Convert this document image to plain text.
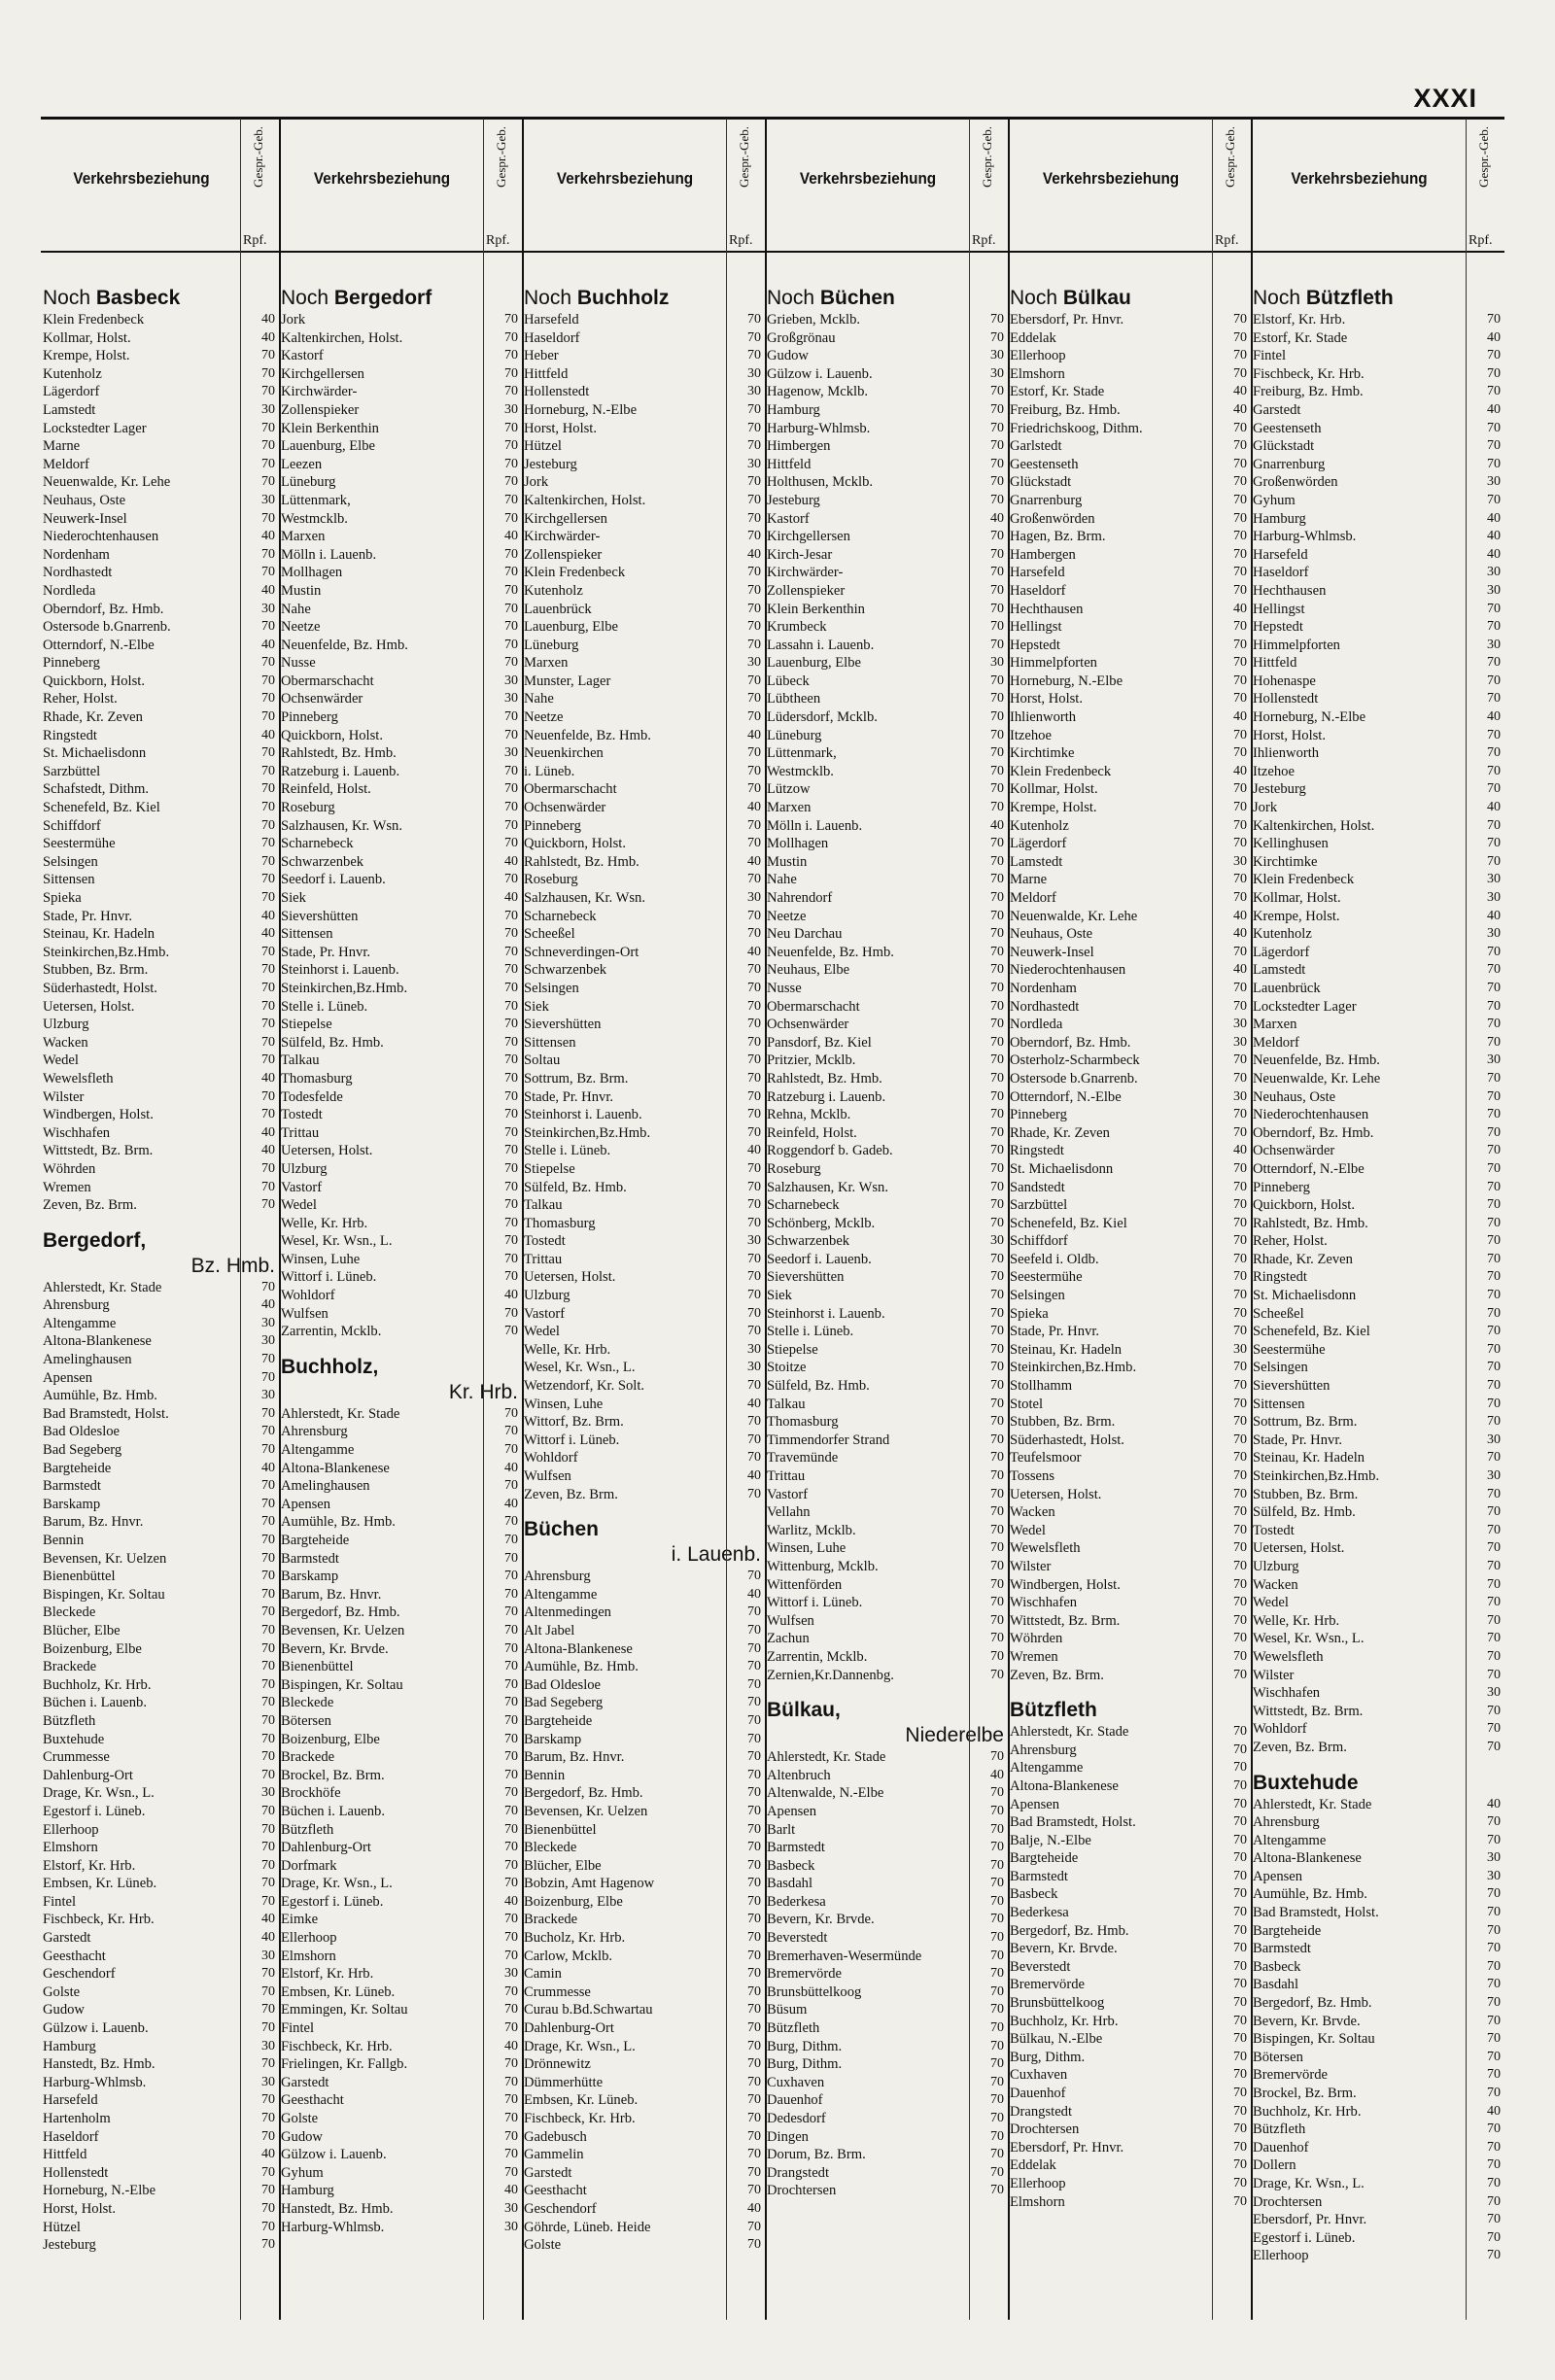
XXXI
Verkehrsbeziehung	Gespr.-Geb.
Rpf.
Noch Basbeck
Klein Fredenbeck	40
Kollmar, Holst.	40
Krempe, Holst.	70
Kutenholz	70
Lägerdorf	70
Lamstedt	30
Lockstedter Lager	70
Marne	70
Meldorf	70
Neuenwalde, Kr. Lehe	70
Neuhaus, Oste	30
Neuwerk-Insel	70
Niederochtenhausen	40
Nordenham	70
Nordhastedt	70
Nordleda	40
Oberndorf, Bz. Hmb.	30
Ostersode b.Gnarrenb.	70
Otterndorf, N.-Elbe	40
Pinneberg	70
Quickborn, Holst.	70
Reher, Holst.	70
Rhade, Kr. Zeven	70
Ringstedt	40
St. Michaelisdonn	70
Sarzbüttel	70
Schafstedt, Dithm.	70
Schenefeld, Bz. Kiel	70
Schiffdorf	70
Seestermühe	70
Selsingen	70
Sittensen	70
Spieka	70
Stade, Pr. Hnvr.	40
Steinau, Kr. Hadeln	40
Steinkirchen,Bz.Hmb.	70
Stubben, Bz. Brm.	70
Süderhastedt, Holst.	70
Uetersen, Holst.	70
Ulzburg	70
Wacken	70
Wedel	70
Wewelsfleth	40
Wilster	70
Windbergen, Holst.	70
Wischhafen	40
Wittstedt, Bz. Brm.	40
Wöhrden	70
Wremen	70
Zeven, Bz. Brm.	70
Bergedorf,
Bz. Hmb.
Ahlerstedt, Kr. Stade	70
Ahrensburg	40
Altengamme	30
Altona-Blankenese	30
Amelinghausen	70
Apensen	70
Aumühle, Bz. Hmb.	30
Bad Bramstedt, Holst.	70
Bad Oldesloe	70
Bad Segeberg	70
Bargteheide	40
Barmstedt	70
Barskamp	70
Barum, Bz. Hnvr.	70
Bennin	70
Bevensen, Kr. Uelzen	70
Bienenbüttel	70
Bispingen, Kr. Soltau	70
Bleckede	70
Blücher, Elbe	70
Boizenburg, Elbe	70
Brackede	70
Buchholz, Kr. Hrb.	70
Büchen i. Lauenb.	70
Bützfleth	70
Buxtehude	70
Crummesse	70
Dahlenburg-Ort	70
Drage, Kr. Wsn., L.	30
Egestorf i. Lüneb.	70
Ellerhoop	70
Elmshorn	70
Elstorf, Kr. Hrb.	70
Embsen, Kr. Lüneb.	70
Fintel	70
Fischbeck, Kr. Hrb.	40
Garstedt	40
Geesthacht	30
Geschendorf	70
Golste	70
Gudow	70
Gülzow i. Lauenb.	70
Hamburg	30
Hanstedt, Bz. Hmb.	70
Harburg-Whlmsb.	30
Harsefeld	70
Hartenholm	70
Haseldorf	70
Hittfeld	40
Hollenstedt	70
Horneburg, N.-Elbe	70
Horst, Holst.	70
Hützel	70
Jesteburg	70
Verkehrsbeziehung	Gespr.-Geb.
Rpf.
Noch Bergedorf
Jork	70
Kaltenkirchen, Holst.	70
Kastorf	70
Kirchgellersen	70
Kirchwärder-	70
Zollenspieker	30
Klein Berkenthin	70
Lauenburg, Elbe	70
Leezen	70
Lüneburg	70
Lüttenmark,	70
Westmcklb.	70
Marxen	40
Mölln i. Lauenb.	70
Mollhagen	70
Mustin	70
Nahe	70
Neetze	70
Neuenfelde, Bz. Hmb.	70
Nusse	70
Obermarschacht	30
Ochsenwärder	30
Pinneberg	70
Quickborn, Holst.	70
Rahlstedt, Bz. Hmb.	30
Ratzeburg i. Lauenb.	70
Reinfeld, Holst.	70
Roseburg	70
Salzhausen, Kr. Wsn.	70
Scharnebeck	70
Schwarzenbek	40
Seedorf i. Lauenb.	70
Siek	40
Sievershütten	70
Sittensen	70
Stade, Pr. Hnvr.	70
Steinhorst i. Lauenb.	70
Steinkirchen,Bz.Hmb.	70
Stelle i. Lüneb.	70
Stiepelse	70
Sülfeld, Bz. Hmb.	70
Talkau	70
Thomasburg	70
Todesfelde	70
Tostedt	70
Trittau	70
Uetersen, Holst.	70
Ulzburg	70
Vastorf	70
Wedel	70
Welle, Kr. Hrb.	70
Wesel, Kr. Wsn., L.	70
Winsen, Luhe	70
Wittorf i. Lüneb.	70
Wohldorf	40
Wulfsen	70
Zarrentin, Mcklb.	70
Buchholz,
Kr. Hrb.
Ahlerstedt, Kr. Stade	70
Ahrensburg	70
Altengamme	70
Altona-Blankenese	40
Amelinghausen	70
Apensen	40
Aumühle, Bz. Hmb.	70
Bargteheide	70
Barmstedt	70
Barskamp	70
Barum, Bz. Hnvr.	70
Bergedorf, Bz. Hmb.	70
Bevensen, Kr. Uelzen	70
Bevern, Kr. Brvde.	70
Bienenbüttel	70
Bispingen, Kr. Soltau	70
Bleckede	70
Bötersen	70
Boizenburg, Elbe	70
Brackede	70
Brockel, Bz. Brm.	70
Brockhöfe	70
Büchen i. Lauenb.	70
Bützfleth	70
Dahlenburg-Ort	70
Dorfmark	70
Drage, Kr. Wsn., L.	70
Egestorf i. Lüneb.	40
Eimke	70
Ellerhoop	70
Elmshorn	70
Elstorf, Kr. Hrb.	30
Embsen, Kr. Lüneb.	70
Emmingen, Kr. Soltau	70
Fintel	70
Fischbeck, Kr. Hrb.	40
Frielingen, Kr. Fallgb.	70
Garstedt	70
Geesthacht	70
Golste	70
Gudow	70
Gülzow i. Lauenb.	70
Gyhum	70
Hamburg	40
Hanstedt, Bz. Hmb.	30
Harburg-Whlmsb.	30
Verkehrsbeziehung	Gespr.-Geb.
Rpf.
Noch Buchholz
Harsefeld	70
Haseldorf	70
Heber	70
Hittfeld	30
Hollenstedt	30
Horneburg, N.-Elbe	70
Horst, Holst.	70
Hützel	70
Jesteburg	30
Jork	70
Kaltenkirchen, Holst.	70
Kirchgellersen	70
Kirchwärder-	70
Zollenspieker	40
Klein Fredenbeck	70
Kutenholz	70
Lauenbrück	70
Lauenburg, Elbe	70
Lüneburg	70
Marxen	30
Munster, Lager	70
Nahe	70
Neetze	70
Neuenfelde, Bz. Hmb.	40
Neuenkirchen	70
i. Lüneb.	70
Obermarschacht	70
Ochsenwärder	40
Pinneberg	70
Quickborn, Holst.	70
Rahlstedt, Bz. Hmb.	40
Roseburg	70
Salzhausen, Kr. Wsn.	30
Scharnebeck	70
Scheeßel	70
Schneverdingen-Ort	40
Schwarzenbek	70
Selsingen	70
Siek	70
Sievershütten	70
Sittensen	70
Soltau	70
Sottrum, Bz. Brm.	70
Stade, Pr. Hnvr.	70
Steinhorst i. Lauenb.	70
Steinkirchen,Bz.Hmb.	70
Stelle i. Lüneb.	40
Stiepelse	70
Sülfeld, Bz. Hmb.	70
Talkau	70
Thomasburg	70
Tostedt	30
Trittau	70
Uetersen, Holst.	70
Ulzburg	70
Vastorf	70
Wedel	70
Welle, Kr. Hrb.	30
Wesel, Kr. Wsn., L.	30
Wetzendorf, Kr. Solt.	70
Winsen, Luhe	40
Wittorf, Bz. Brm.	70
Wittorf i. Lüneb.	70
Wohldorf	70
Wulfsen	40
Zeven, Bz. Brm.	70
Büchen
i. Lauenb.
Ahrensburg	70
Altengamme	40
Altenmedingen	70
Alt Jabel	70
Altona-Blankenese	70
Aumühle, Bz. Hmb.	70
Bad Oldesloe	70
Bad Segeberg	70
Bargteheide	70
Barskamp	70
Barum, Bz. Hnvr.	70
Bennin	70
Bergedorf, Bz. Hmb.	70
Bevensen, Kr. Uelzen	70
Bienenbüttel	70
Bleckede	70
Blücher, Elbe	70
Bobzin, Amt Hagenow	70
Boizenburg, Elbe	70
Brackede	70
Bucholz, Kr. Hrb.	70
Carlow, Mcklb.	70
Camin	70
Crummesse	70
Curau b.Bd.Schwartau	70
Dahlenburg-Ort	70
Drage, Kr. Wsn., L.	70
Drönnewitz	70
Dümmerhütte	70
Embsen, Kr. Lüneb.	70
Fischbeck, Kr. Hrb.	70
Gadebusch	70
Gammelin	70
Garstedt	70
Geesthacht	70
Geschendorf	40
Göhrde, Lüneb. Heide	70
Golste	70
Verkehrsbeziehung	Gespr.-Geb.
Rpf.
Noch Büchen
Grieben, Mcklb.	70
Großgrönau	70
Gudow	30
Gülzow i. Lauenb.	30
Hagenow, Mcklb.	70
Hamburg	70
Harburg-Whlmsb.	70
Himbergen	70
Hittfeld	70
Holthusen, Mcklb.	70
Jesteburg	70
Kastorf	40
Kirchgellersen	70
Kirch-Jesar	70
Kirchwärder-	70
Zollenspieker	70
Klein Berkenthin	70
Krumbeck	70
Lassahn i. Lauenb.	70
Lauenburg, Elbe	30
Lübeck	70
Lübtheen	70
Lüdersdorf, Mcklb.	70
Lüneburg	70
Lüttenmark,	70
Westmcklb.	70
Lützow	70
Marxen	70
Mölln i. Lauenb.	40
Mollhagen	70
Mustin	70
Nahe	70
Nahrendorf	70
Neetze	70
Neu Darchau	70
Neuenfelde, Bz. Hmb.	70
Neuhaus, Elbe	70
Nusse	70
Obermarschacht	70
Ochsenwärder	70
Pansdorf, Bz. Kiel	70
Pritzier, Mcklb.	70
Rahlstedt, Bz. Hmb.	70
Ratzeburg i. Lauenb.	70
Rehna, Mcklb.	70
Reinfeld, Holst.	70
Roggendorf b. Gadeb.	70
Roseburg	70
Salzhausen, Kr. Wsn.	70
Scharnebeck	70
Schönberg, Mcklb.	70
Schwarzenbek	30
Seedorf i. Lauenb.	70
Sievershütten	70
Siek	70
Steinhorst i. Lauenb.	70
Stelle i. Lüneb.	70
Stiepelse	70
Stoitze	70
Sülfeld, Bz. Hmb.	70
Talkau	70
Thomasburg	70
Timmendorfer Strand	70
Travemünde	70
Trittau	70
Vastorf	70
Vellahn	70
Warlitz, Mcklb.	70
Winsen, Luhe	70
Wittenburg, Mcklb.	70
Wittenförden	70
Wittorf i. Lüneb.	70
Wulfsen	70
Zachun	70
Zarrentin, Mcklb.	70
Zernien,Kr.Dannenbg.	70
Bülkau,
Niederelbe
Ahlerstedt, Kr. Stade	70
Altenbruch	40
Altenwalde, N.-Elbe	70
Apensen	70
Barlt	70
Barmstedt	70
Basbeck	70
Basdahl	70
Bederkesa	70
Bevern, Kr. Brvde.	70
Beverstedt	70
Bremerhaven-Wesermünde	70
Bremervörde	70
Brunsbüttelkoog	70
Büsum	70
Bützfleth	70
Burg, Dithm.	70
Burg, Dithm.	70
Cuxhaven	70
Dauenhof	70
Dedesdorf	70
Dingen	70
Dorum, Bz. Brm.	70
Drangstedt	70
Drochtersen	70
Verkehrsbeziehung	Gespr.-Geb.
Rpf.
Noch Bülkau
Ebersdorf, Pr. Hnvr.	70
Eddelak	70
Ellerhoop	70
Elmshorn	70
Estorf, Kr. Stade	40
Freiburg, Bz. Hmb.	40
Friedrichskoog, Dithm.	70
Garlstedt	70
Geestenseth	70
Glückstadt	70
Gnarrenburg	70
Großenwörden	70
Hagen, Bz. Brm.	70
Hambergen	70
Harsefeld	70
Haseldorf	70
Hechthausen	40
Hellingst	70
Hepstedt	70
Himmelpforten	70
Horneburg, N.-Elbe	70
Horst, Holst.	70
Ihlienworth	40
Itzehoe	70
Kirchtimke	70
Klein Fredenbeck	40
Kollmar, Holst.	70
Krempe, Holst.	70
Kutenholz	70
Lägerdorf	70
Lamstedt	30
Marne	70
Meldorf	70
Neuenwalde, Kr. Lehe	40
Neuhaus, Oste	40
Neuwerk-Insel	70
Niederochtenhausen	40
Nordenham	70
Nordhastedt	70
Nordleda	30
Oberndorf, Bz. Hmb.	30
Osterholz-Scharmbeck	70
Ostersode b.Gnarrenb.	70
Otterndorf, N.-Elbe	30
Pinneberg	70
Rhade, Kr. Zeven	70
Ringstedt	40
St. Michaelisdonn	70
Sandstedt	70
Sarzbüttel	70
Schenefeld, Bz. Kiel	70
Schiffdorf	70
Seefeld i. Oldb.	70
Seestermühe	70
Selsingen	70
Spieka	70
Stade, Pr. Hnvr.	70
Steinau, Kr. Hadeln	30
Steinkirchen,Bz.Hmb.	70
Stollhamm	70
Stotel	70
Stubben, Bz. Brm.	70
Süderhastedt, Holst.	70
Teufelsmoor	70
Tossens	70
Uetersen, Holst.	70
Wacken	70
Wedel	70
Wewelsfleth	70
Wilster	70
Windbergen, Holst.	70
Wischhafen	70
Wittstedt, Bz. Brm.	70
Wöhrden	70
Wremen	70
Zeven, Bz. Brm.	70
Bützfleth
Ahlerstedt, Kr. Stade	70
Ahrensburg	70
Altengamme	70
Altona-Blankenese	70
Apensen	70
Bad Bramstedt, Holst.	70
Balje, N.-Elbe	70
Bargteheide	70
Barmstedt	70
Basbeck	70
Bederkesa	70
Bergedorf, Bz. Hmb.	70
Bevern, Kr. Brvde.	70
Beverstedt	70
Bremervörde	70
Brunsbüttelkoog	70
Buchholz, Kr. Hrb.	70
Bülkau, N.-Elbe	70
Burg, Dithm.	70
Cuxhaven	70
Dauenhof	70
Drangstedt	70
Drochtersen	70
Ebersdorf, Pr. Hnvr.	70
Eddelak	70
Ellerhoop	70
Elmshorn	70
Verkehrsbeziehung	Gespr.-Geb.
Rpf.
Noch Bützfleth
Elstorf, Kr. Hrb.	70
Estorf, Kr. Stade	40
Fintel	70
Fischbeck, Kr. Hrb.	70
Freiburg, Bz. Hmb.	70
Garstedt	40
Geestenseth	70
Glückstadt	70
Gnarrenburg	70
Großenwörden	30
Gyhum	70
Hamburg	40
Harburg-Whlmsb.	40
Harsefeld	40
Haseldorf	30
Hechthausen	30
Hellingst	70
Hepstedt	70
Himmelpforten	30
Hittfeld	70
Hohenaspe	70
Hollenstedt	70
Horneburg, N.-Elbe	40
Horst, Holst.	70
Ihlienworth	70
Itzehoe	70
Jesteburg	70
Jork	40
Kaltenkirchen, Holst.	70
Kellinghusen	70
Kirchtimke	70
Klein Fredenbeck	30
Kollmar, Holst.	30
Krempe, Holst.	40
Kutenholz	30
Lägerdorf	70
Lamstedt	70
Lauenbrück	70
Lockstedter Lager	70
Marxen	70
Meldorf	70
Neuenfelde, Bz. Hmb.	30
Neuenwalde, Kr. Lehe	70
Neuhaus, Oste	70
Niederochtenhausen	70
Oberndorf, Bz. Hmb.	70
Ochsenwärder	70
Otterndorf, N.-Elbe	70
Pinneberg	70
Quickborn, Holst.	70
Rahlstedt, Bz. Hmb.	70
Reher, Holst.	70
Rhade, Kr. Zeven	70
Ringstedt	70
St. Michaelisdonn	70
Scheeßel	70
Schenefeld, Bz. Kiel	70
Seestermühe	70
Selsingen	70
Sievershütten	70
Sittensen	70
Sottrum, Bz. Brm.	70
Stade, Pr. Hnvr.	30
Steinau, Kr. Hadeln	70
Steinkirchen,Bz.Hmb.	30
Stubben, Bz. Brm.	70
Sülfeld, Bz. Hmb.	70
Tostedt	70
Uetersen, Holst.	70
Ulzburg	70
Wacken	70
Wedel	70
Welle, Kr. Hrb.	70
Wesel, Kr. Wsn., L.	70
Wewelsfleth	70
Wilster	70
Wischhafen	30
Wittstedt, Bz. Brm.	70
Wohldorf	70
Zeven, Bz. Brm.	70
Buxtehude
Ahlerstedt, Kr. Stade	40
Ahrensburg	70
Altengamme	70
Altona-Blankenese	30
Apensen	30
Aumühle, Bz. Hmb.	70
Bad Bramstedt, Holst.	70
Bargteheide	70
Barmstedt	70
Basbeck	70
Basdahl	70
Bergedorf, Bz. Hmb.	70
Bevern, Kr. Brvde.	70
Bispingen, Kr. Soltau	70
Bötersen	70
Bremervörde	70
Brockel, Bz. Brm.	70
Buchholz, Kr. Hrb.	40
Bützfleth	70
Dauenhof	70
Dollern	70
Drage, Kr. Wsn., L.	70
Drochtersen	70
Ebersdorf, Pr. Hnvr.	70
Egestorf i. Lüneb.	70
Ellerhoop	70
